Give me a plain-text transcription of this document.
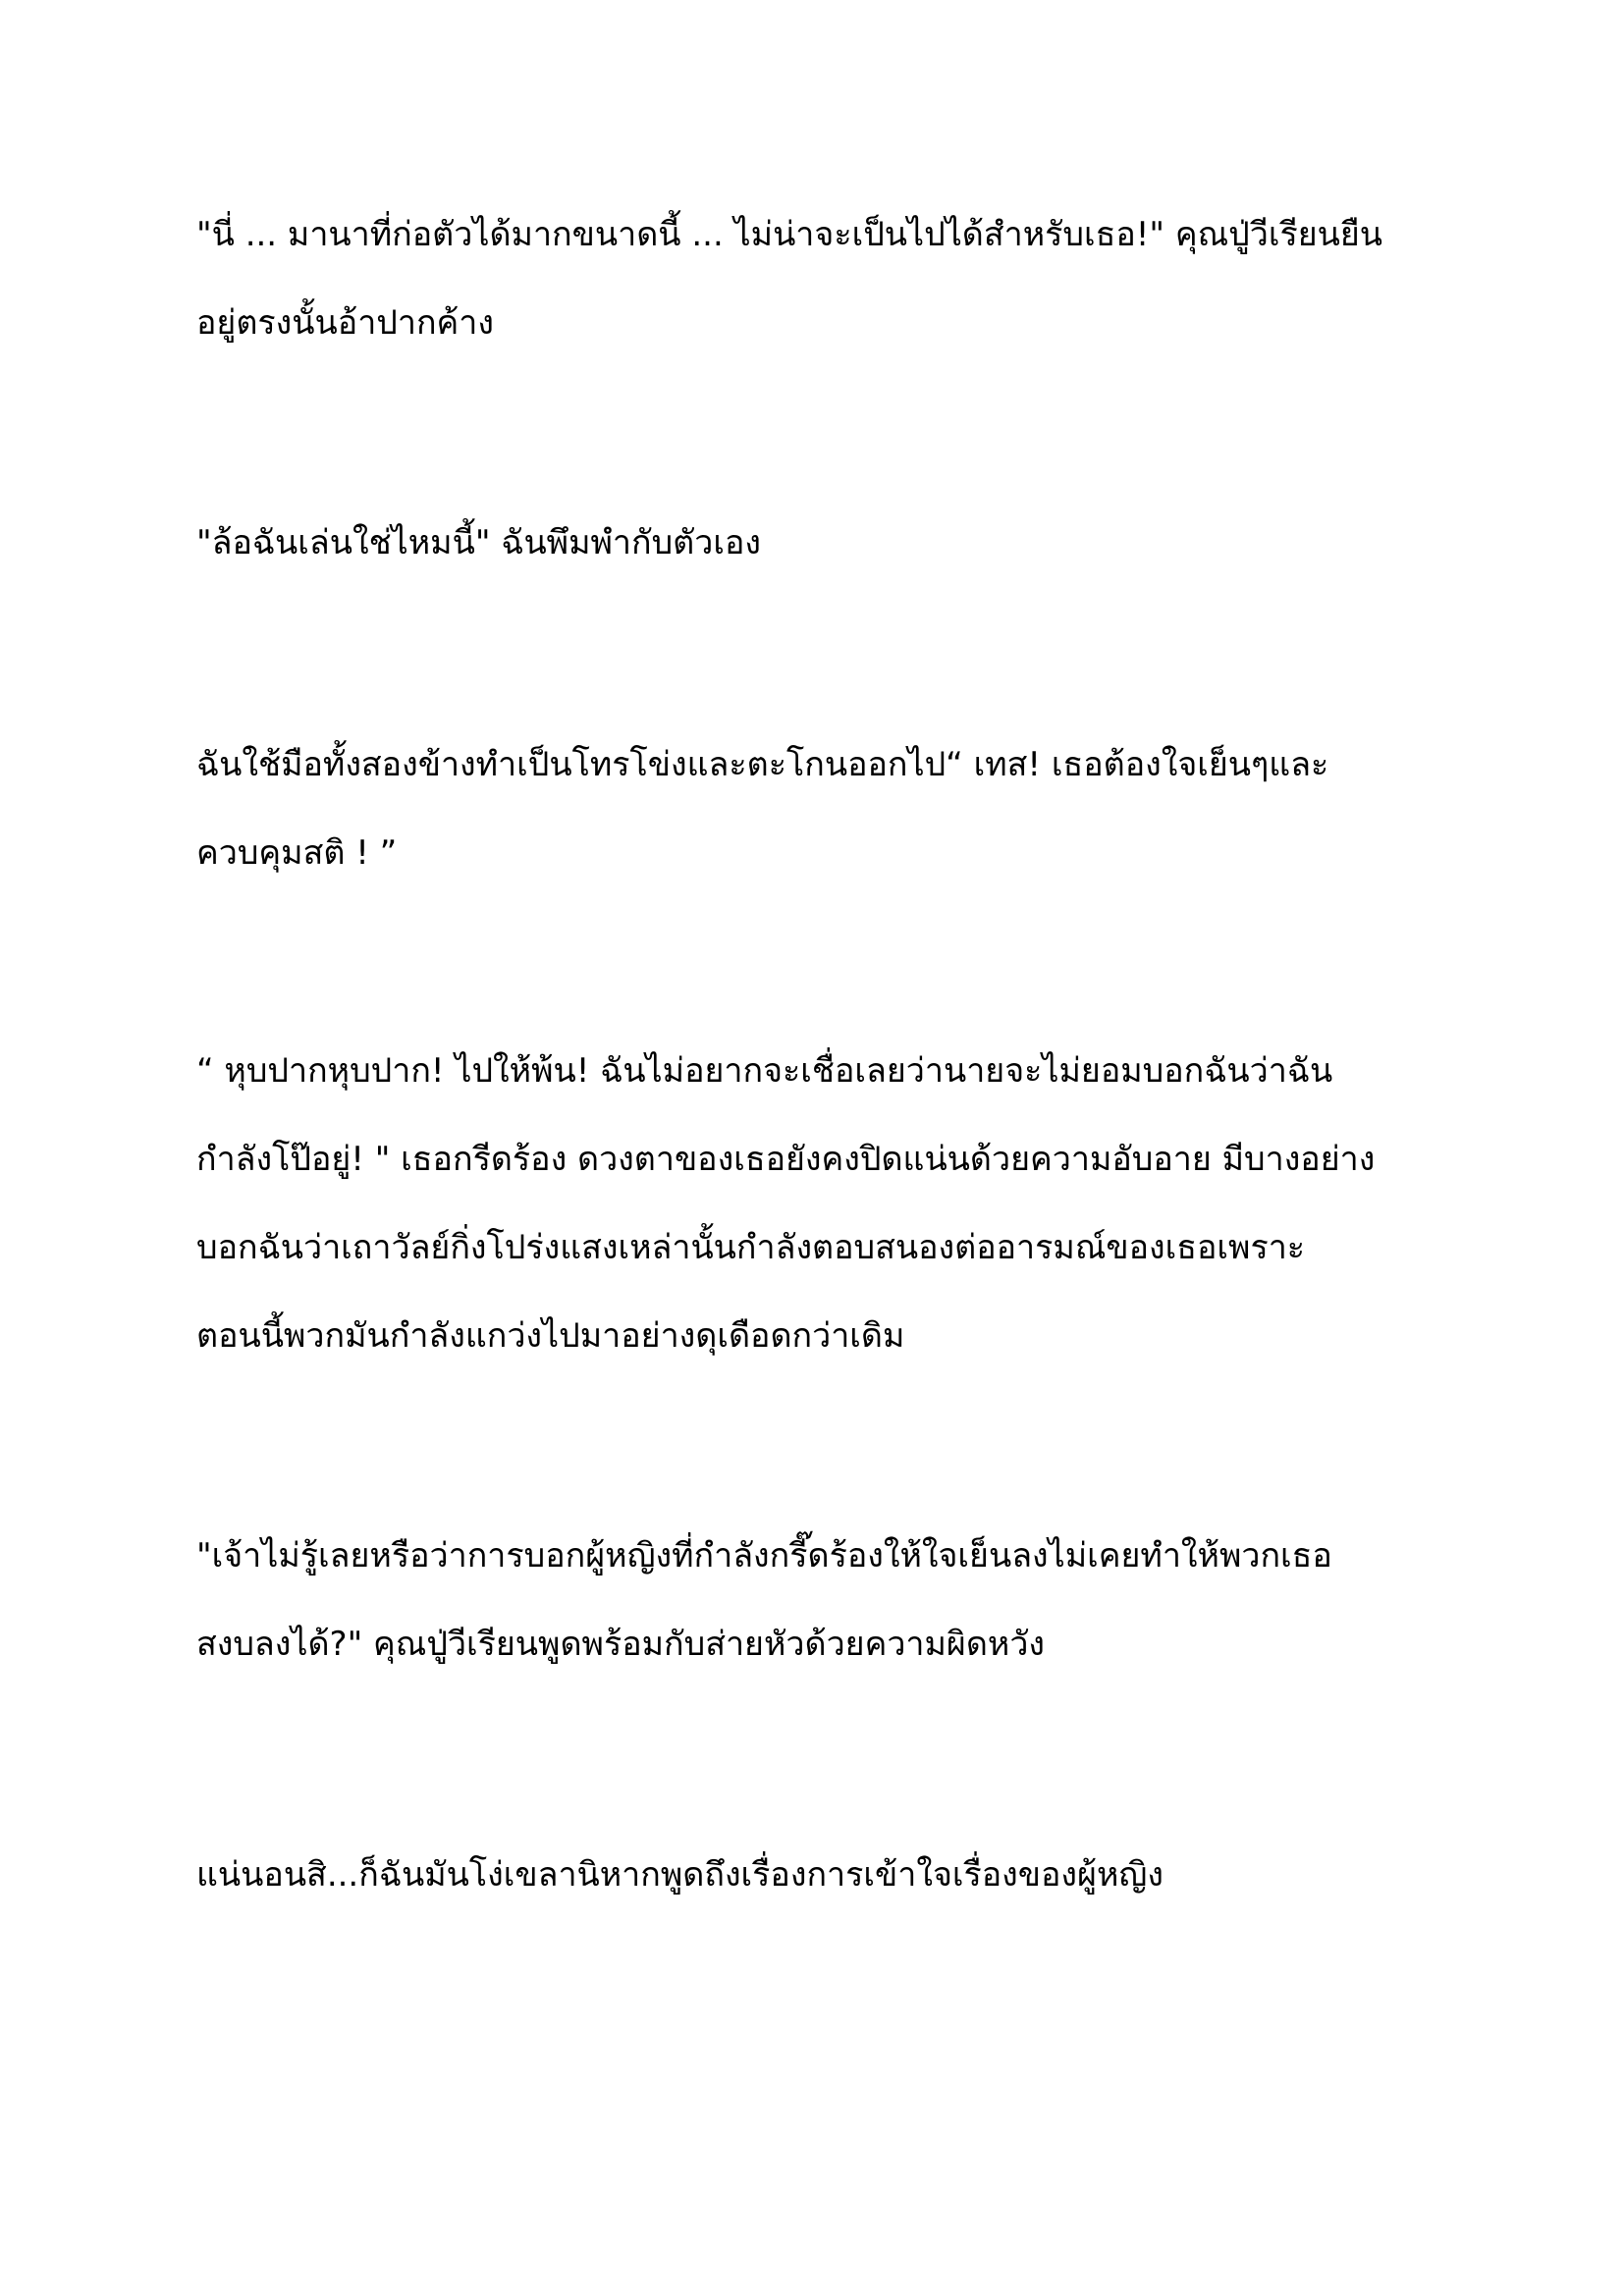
"นี่ ... มานาที่ก่อตัวได้มากขนาดนี้ ... ไม่น่าจะเป็นไปได้สำหรับเธอ!" คุณปู่วีเรียนยืน
อยู่ตรงนั้นอ้าปากค้าง

"ล้อฉันเล่นใช่ไหมนี้" ฉันพึมพำกับตัวเอง

ฉันใช้มือทั้งสองข้างทำเป็นโทรโข่งและตะโกนออกไป“ เทส! เธอต้องใจเย็นๆและ
ควบคุมสติ ! ”

“ หุบปากหุบปาก! ไปให้พ้น! ฉันไม่อยากจะเชื่อเลยว่านายจะไม่ยอมบอกฉันว่าฉัน
กำลังโป๊อยู่! " เธอกรีดร้อง ดวงตาของเธอยังคงปิดแน่นด้วยความอับอาย มีบางอย่าง
บอกฉันว่าเถาวัลย์กิ่งโปร่งแสงเหล่านั้นกำลังตอบสนองต่ออารมณ์ของเธอเพราะ
ตอนนี้พวกมันกำลังแกว่งไปมาอย่างดุเดือดกว่าเดิม

"เจ้าไม่รู้เลยหรือว่าการบอกผู้หญิงที่กำลังกรี๊ดร้องให้ใจเย็นลงไม่เคยทำให้พวกเธอ
สงบลงได้?" คุณปู่วีเรียนพูดพร้อมกับส่ายหัวด้วยความผิดหวัง

แน่นอนสิ...ก็ฉันมันโง่เขลานิหากพูดถึงเรื่องการเข้าใจเรื่องของผู้หญิง
